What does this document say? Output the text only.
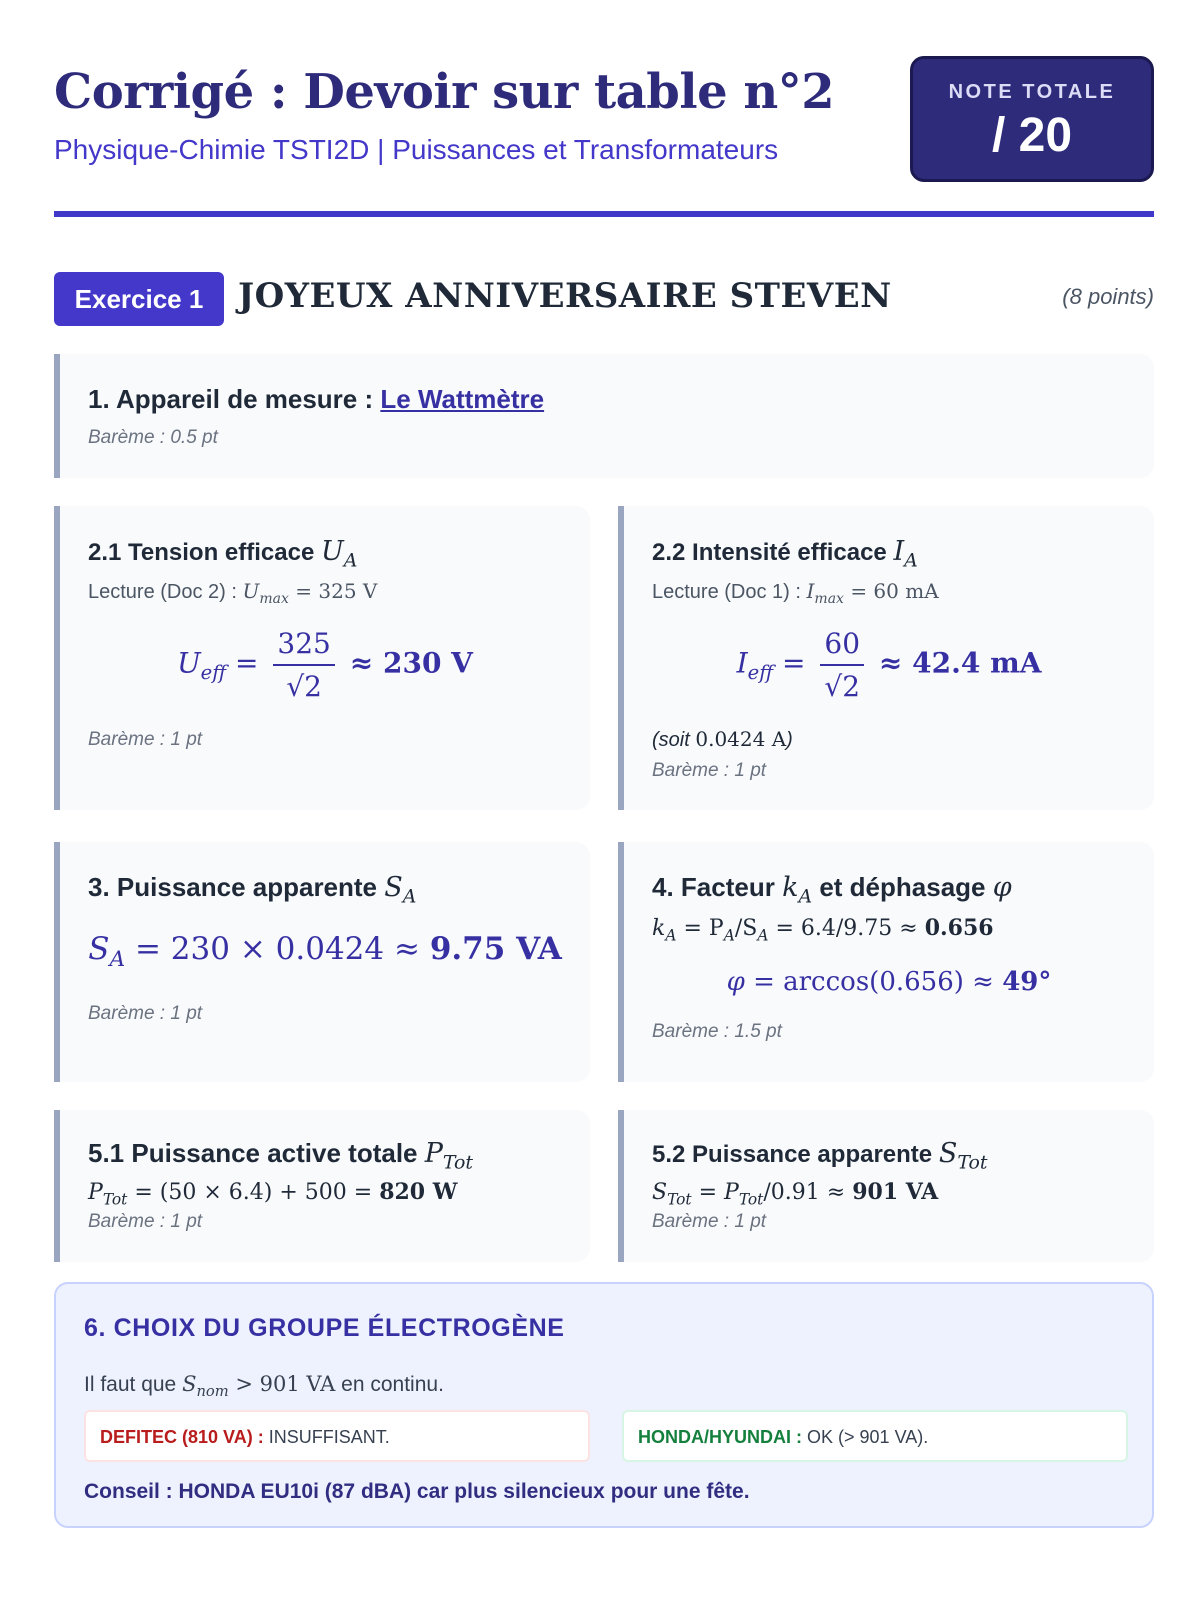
Corrigé : Devoir sur table n°2
Physique-Chimie TSTI2D | Puissances et Transformateurs
NOTE TOTALE
/ 20
Exercice 1	JOYEUX ANNIVERSAIRE STEVEN	(8 points)
1. Appareil de mesure : Le Wattmètre
Barème : 0.5 pt
2.1 Tension efficace $U_A$
Lecture (Doc 2) : $U_{max} = 325$ V
$U_{eff} = \frac{325}{√2} \approx 230$ V
Barème : 1 pt
2.2 Intensité efficace $I_A$
Lecture (Doc 1) : $I_{max} = 60$ mA
$I_{eff} = \frac{60}{√2} \approx 42.4$ mA
(soit 0.0424 A)
Barème : 1 pt
3. Puissance apparente $S_A$
$S_A = 230 \times 0.0424 \approx 9.75$ VA
Barème : 1 pt
4. Facteur $k_A$ et déphasage φ
$k_A = P_A/S_A = 6.4/9.75 \approx 0.656$
φ = arccos(0.656) ≈ 49°
Barème : 1.5 pt
5.1 Puissance active totale $P_{Tot}$
$P_{Tot} = (50 \times 6.4) + 500 = 820$ W
Barème : 1 pt
5.2 Puissance apparente $S_{Tot}$
$S_{Tot} = P_{Tot}/0.91 \approx 901$ VA
Barème : 1 pt
6. CHOIX DU GROUPE ÉLECTROGÈNE
Il faut que $S_{nom} > 901$ VA en continu.
DEFITEC (810 VA) : INSUFFISANT.	HONDA/HYUNDAI : OK (> 901 VA).
Conseil : HONDA EU10i (87 dBA) car plus silencieux pour une fête.
